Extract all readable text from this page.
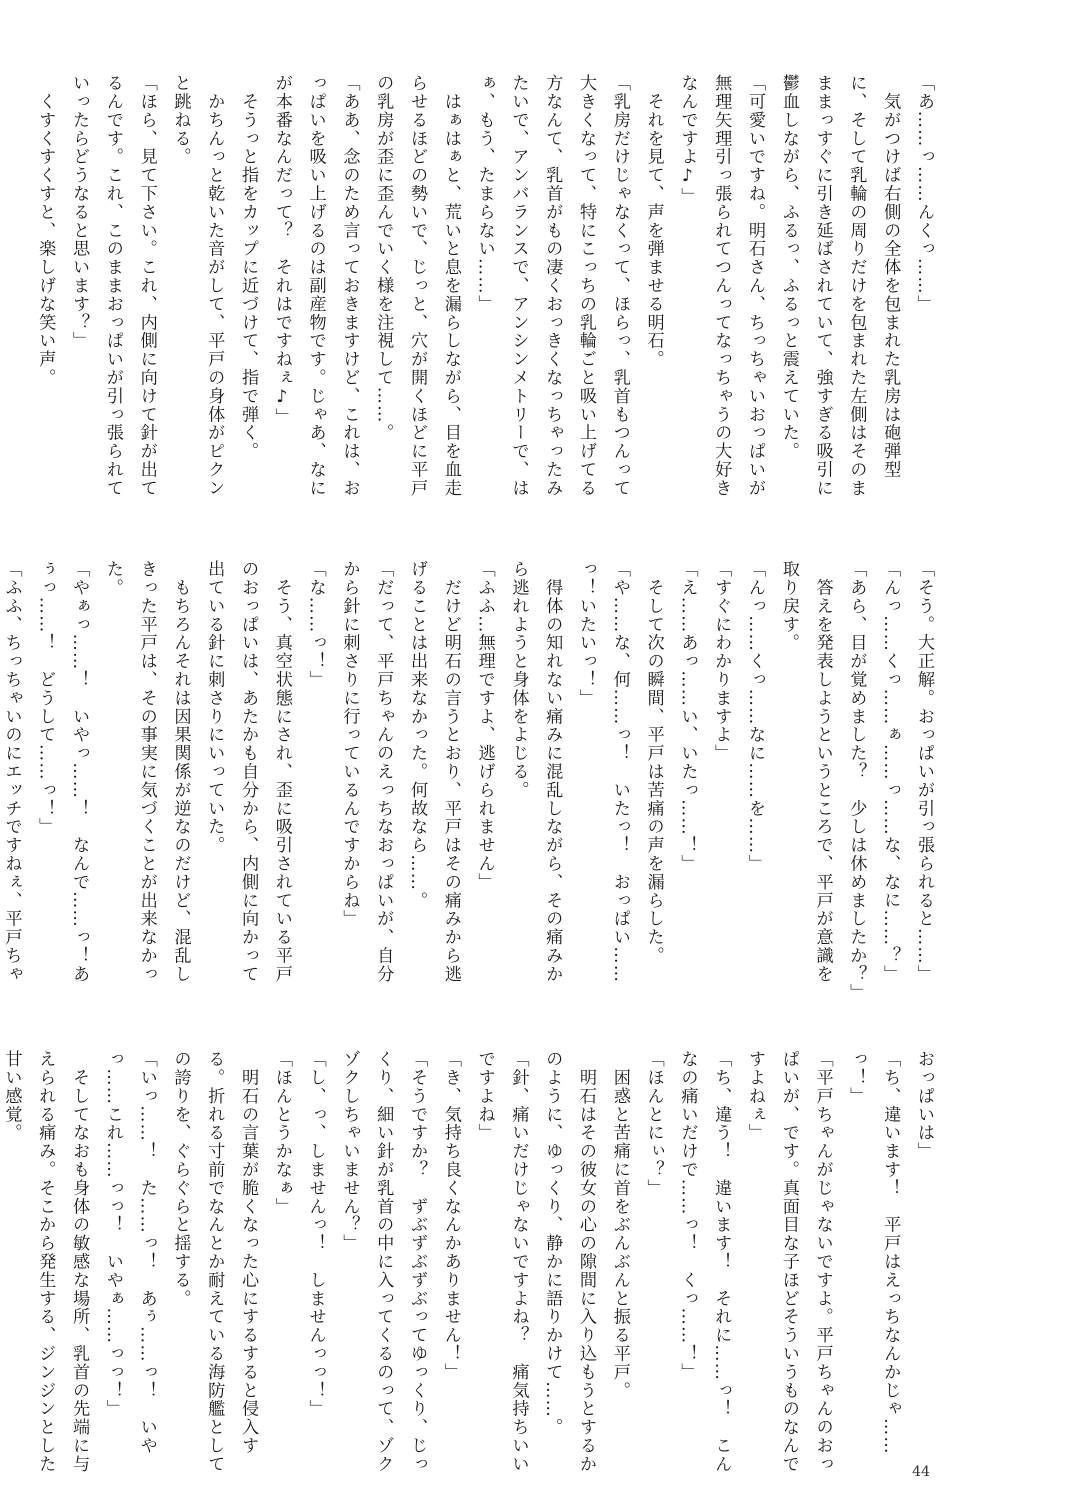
「あ……っ……んくっ……」

　気がつけば右側の全体を包まれた乳房は砲弾型に、そして乳輪の周りだけを包まれた左側はそのまままっすぐに引き延ばされていて、強すぎる吸引に鬱血しながら、ふるっ、ふるっと震えていた。

「可愛いですね。明石さん、ちっちゃいおっぱいが無理矢理引っ張られてつんってなっちゃうの大好きなんですよ♪」

　それを見て、声を弾ませる明石。

「乳房だけじゃなくって、ほらっ、乳首もつんって大きくなって、特にこっちの乳輪ごと吸い上げてる方なんて、乳首がもの凄くおっきくなっちゃったみたいで、アンバランスで、アンシンメトリーで、はぁ、もう、たまらない……」

　はぁはぁと、荒いと息を漏らしながら、目を血走らせるほどの勢いで、じっと、穴が開くほどに平戸の乳房が歪に歪んでいく様を注視して……。

「ああ、念のため言っておきますけど、これは、おっぱいを吸い上げるのは副産物です。じゃあ、なにが本番なんだって？　それはですねぇ♪」

　そうっと指をカップに近づけて、指で弾く。

　かちんっと乾いた音がして、平戸の身体がピクンと跳ねる。

「ほら、見て下さい。これ、内側に向けて針が出てるんです。これ、このままおっぱいが引っ張られていったらどうなると思います？」

　くすくすくすと、楽しげな笑い声。

「そう。大正解。おっぱいが引っ張られると……」

「んっ……くっ……ぁ……っ……な、なに……？」

「あら、目が覚めました？　少しは休めましたか？」

　答えを発表しようというところで、平戸が意識を取り戻す。

「んっ……くっ……なに……を……」

「すぐにわかりますよ」

「え……あっ……い、いたっ……！」

　そして次の瞬間、平戸は苦痛の声を漏らした。

「や……な、何……っ！　いたっ！　おっぱい……っ！いたいっ！」

　得体の知れない痛みに混乱しながら、その痛みから逃れようと身体をよじる。

「ふふ…無理ですよ、逃げられません」

　だけど明石の言うとおり、平戸はその痛みから逃げることは出来なかった。何故なら……。

「だって、平戸ちゃんのえっちなおっぱいが、自分から針に刺さりに行っているんですからね」

「な……っ！」

　そう、真空状態にされ、歪に吸引されている平戸のおっぱいは、あたかも自分から、内側に向かって出ている針に刺さりにいっていた。

　もちろんそれは因果関係が逆なのだけど、混乱しきった平戸は、その事実に気づくことが出来なかった。

「やぁっ……！　いやっ……！　なんで……っ！あぅっ……！　どうして……っ！」

「ふふ、ちっちゃいのにエッチですねぇ、平戸ちゃ

おっぱいは」

「ち、違います！　平戸はえっちなんかじゃ……っ！」

「平戸ちゃんがじゃないですよ。平戸ちゃんのおっぱいが、です。真面目な子ほどそういうものなんですよねぇ」

「ち、違う！　違います！　それに……っ！　こんなの痛いだけで……っ！　くっ……！」

「ほんとにぃ？」

　困惑と苦痛に首をぶんぶんと振る平戸。

　明石はその彼女の心の隙間に入り込もうとするかのように、ゆっくり、静かに語りかけて……。

「針、痛いだけじゃないですよね？　痛気持ちいいですよね」

「き、気持ち良くなんかありません！」

「そうですか？　ずぶずぶずぶってゆっくり、じっくり、細い針が乳首の中に入ってくるのって、ゾクゾクしちゃいません？」

「し、っ、しませんっ！　しませんっっ！」

「ほんとうかなぁ」

　明石の言葉が脆くなった心にするすると侵入する。折れる寸前でなんとか耐えている海防艦としての誇りを、ぐらぐらと揺する。

「いっ……！　た……っ！　あぅ……っ！　いやっ……これ……っっ！　いやぁ……っっ！」

　そしてなおも身体の敏感な場所、乳首の先端に与えられる痛み。そこから発生する、ジンジンとした甘い感覚。

44
